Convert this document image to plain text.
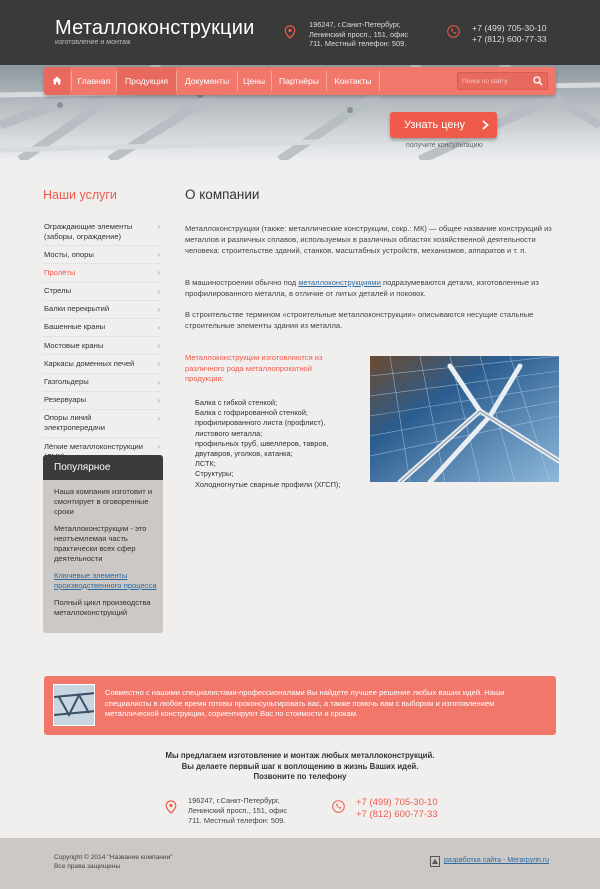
Металлоконструкции
изготовление и монтаж
196247, г.Санкт-Петербург,
Ленинский просп., 151, офис
711. Местный телефон: 509.
+7 (499) 705-30-10
+7 (812) 600-77-33
Главная	Продукция	Документы	Цены	Партнёры	Контакты
Поиск по сайту
Узнать цену
получите консультацию
Наши услуги
Ограждающие элементы (заборы, ограждение)
›
Мосты, опоры	›
Пролёты	›
Стрелы	›
Балки перекрытий	›
Башенные краны	›
Мостовые краны	›
Каркасы доменных печей	›
Газгольдеры	›
Резервуары	›
Опоры линий электропередачи
›
Лёгкие металлоконструкции ›
Популярное
Наша компания изготовит и смонтирует в оговоренные сроки
Металлоконструкции - это неотъемлемая часть практически всех сфер деятельности
Ключевые элементы производственного процесса
Полный цикл производства металлоконструкций
О компании
Металлоконструкции (также: металлические конструкции, сокр.: МК) — общее название конструкций из металлов и различных сплавов, используемых в различных областях хозяйственной деятельности человека: строительстве зданий, станков, масштабных устройств, механизмов, аппаратов и т. п.
В машиностроении обычно под металлоконструкциями подразумеваются детали, изготовленные из профилированного металла, в отличие от литых деталей и поковок.
В строительстве термином «строительные металлоконструкции» описываются несущие стальные строительные элементы здания из металла.
Металлоконструкции изготовляются из различного рода металлопрокатной продукции:
Балка с гибкой стенкой;
Балка с гофрированной стенкой;
профилированного листа (профлист),
листового металла;
профильных труб, швеллеров, тавров,
двутавров, уголков, катанка;
ЛСТК;
Структуры;
Холодногнутые сварные профили (ХГСП);
Совместно с нашими специалистами-профессионалами Вы найдете лучшее решение любых ваших идей. Наши специалисты в любое время готовы проконсультировать вас, а также помочь вам с выбором и изготовлением металлической конструкции, сориентируют Вас по стоимости и срокам.
Мы предлагаем изготовление и монтаж любых металлоконструкций.
Вы делаете первый шаг к воплощению в жизнь Ваших идей.
Позвоните по телефону
196247, г.Санкт-Петербург,
Ленинский просп., 151, офис
711. Местный телефон: 509.
+7 (499) 705-30-10
+7 (812) 600-77-33
Copyright © 2014 "Название компании"
Все права защищены
разработка сайта - Мегагрупп.ru
